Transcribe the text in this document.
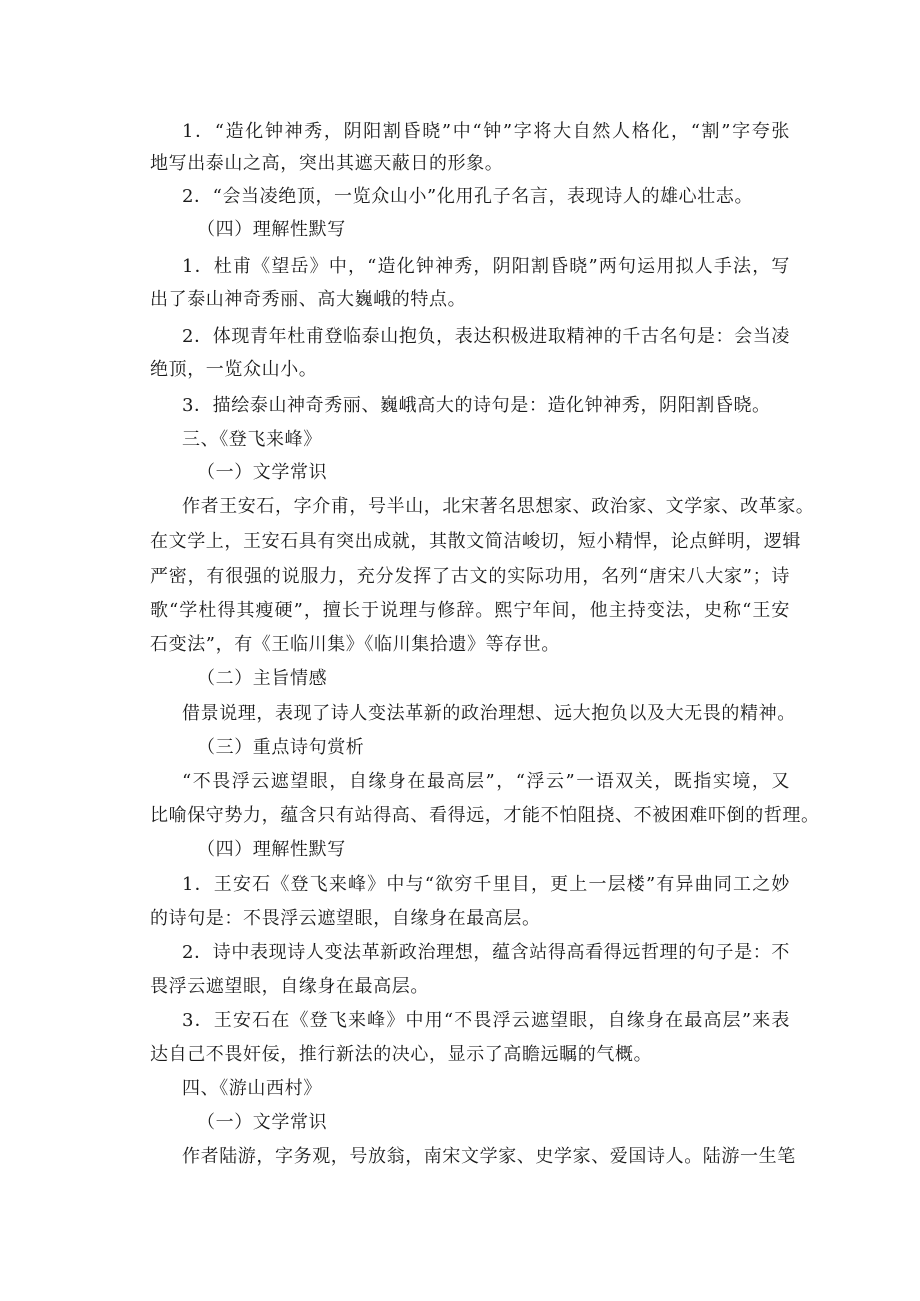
1．“造化钟神秀，阴阳割昏晓”中“钟”字将大自然人格化，“割”字夸张
地写出泰山之高，突出其遮天蔽日的形象。
2．“会当凌绝顶，一览众山小”化用孔子名言，表现诗人的雄心壮志。
（四）理解性默写
1．杜甫《望岳》中，“造化钟神秀，阴阳割昏晓”两句运用拟人手法，写
出了泰山神奇秀丽、高大巍峨的特点。
2．体现青年杜甫登临泰山抱负，表达积极进取精神的千古名句是：会当凌
绝顶，一览众山小。
3．描绘泰山神奇秀丽、巍峨高大的诗句是：造化钟神秀，阴阳割昏晓。
三、《登飞来峰》
（一）文学常识
作者王安石，字介甫，号半山，北宋著名思想家、政治家、文学家、改革家。
在文学上，王安石具有突出成就，其散文简洁峻切，短小精悍，论点鲜明，逻辑
严密，有很强的说服力，充分发挥了古文的实际功用，名列“唐宋八大家”；诗
歌“学杜得其瘦硬”，擅长于说理与修辞。熙宁年间，他主持变法，史称“王安
石变法”，有《王临川集》《临川集拾遗》等存世。
（二）主旨情感
借景说理，表现了诗人变法革新的政治理想、远大抱负以及大无畏的精神。
（三）重点诗句赏析
“不畏浮云遮望眼，自缘身在最高层”，“浮云”一语双关，既指实境，又
比喻保守势力，蕴含只有站得高、看得远，才能不怕阻挠、不被困难吓倒的哲理。
（四）理解性默写
1．王安石《登飞来峰》中与“欲穷千里目，更上一层楼”有异曲同工之妙
的诗句是：不畏浮云遮望眼，自缘身在最高层。
2．诗中表现诗人变法革新政治理想，蕴含站得高看得远哲理的句子是：不
畏浮云遮望眼，自缘身在最高层。
3．王安石在《登飞来峰》中用“不畏浮云遮望眼，自缘身在最高层”来表
达自己不畏奸佞，推行新法的决心，显示了高瞻远瞩的气概。
四、《游山西村》
（一）文学常识
作者陆游，字务观，号放翁，南宋文学家、史学家、爱国诗人。陆游一生笔
